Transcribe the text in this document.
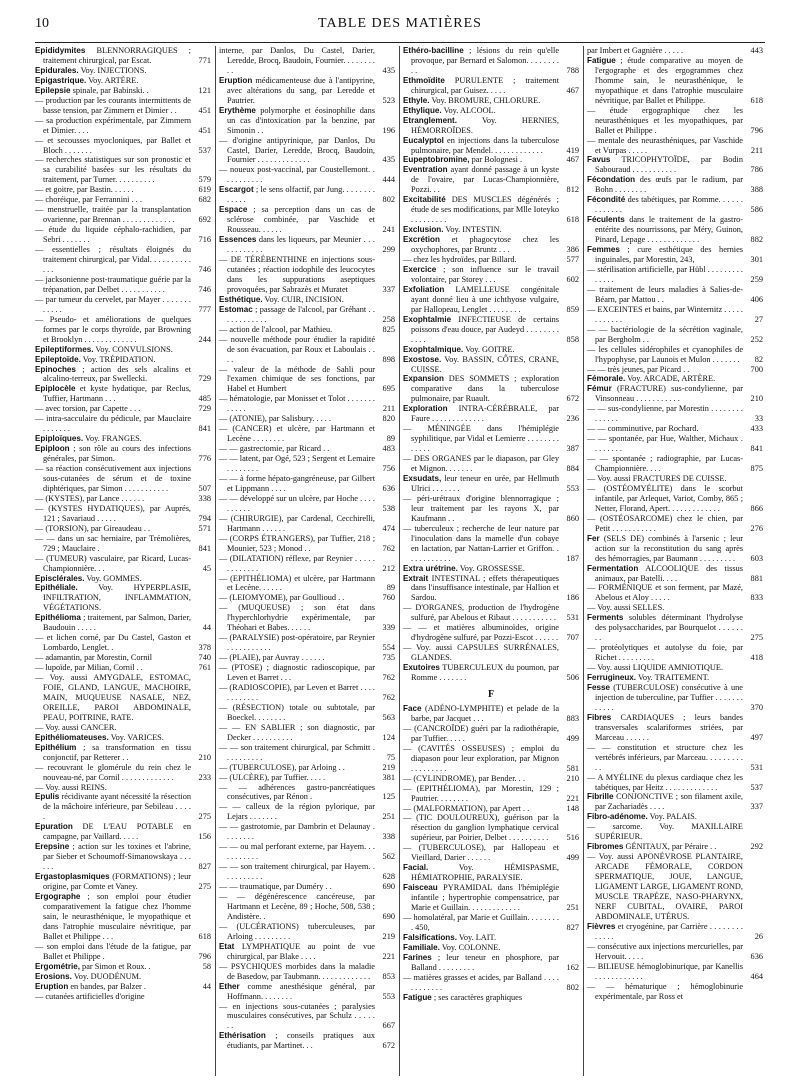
10	TABLE DES MATIÈRES

Epididymites BLENNORRAGIQUES ; traitement chirurgical, par Escat.	771

Epidurales. Voy. INJECTIONS.

Epigastrique. Voy. ARTÈRE.

Epilepsie spinale, par Babinski. .	121

— production par les courants intermittents de basse tension, par Zimmern et Dimier . .	451

— sa production expérimentale, par Zimmern et Dimier. . . .	451

— et secousses myocloniques, par Ballet et Bloch . . . . . . .	537

— recherches statistiques sur son pronostic et sa curabilité basées sur les résultats du traitement, par Turner. . . . . . . . . .	579

— et goitre, par Bastin. . . . . .	619

— choréique, par Ferrannini . . .	682

— menstruelle, traitée par la transplantation ovarienne, par Brennan . . . . . . . . . . . . .	692

— étude du liquide céphalo-rachidien, par Sebri . . . . . . .	716

— essentielles ; résultats éloignés du traitement chirurgical, par Vidal. . . . . . . . . . . . .	746

— jacksonienne post-traumatique guérie par la trépanation, par Delbet . . . . . . . . . . .	746

— par tumeur du cervelet, par Mayer . . . . . . . . . . . .	777

— Pseudo- et améliorations de quelques formes par le corps thyroïde, par Browning et Brooklyn . . . . . . . . . . . . .	244

Epileptiformes. Voy. CONVULSIONS.

Epileptoïde. Voy. TRÉPIDATION.

Epinoches ; action des sels alcalins et alcalino-terreux, par Swellecki.	729

Epiplocèle et kyste hydatique, par Reclus, Tuffier, Hartmann . . .	485

— avec torsion, par Capette . . .	729

— intra-sacculaire du pédicule, par Mauclaire . . . . . . .	841

Epiploïques. Voy. FRANGES.

Epiploon ; son rôle au cours des infections générales, par Simon.	776

— sa réaction consécutivement aux injections sous-cutanées de sérum et de toxine diphtériques, par Simon . . . . . . . . . . .	507

— (KYSTES), par Lance . . . . . .	338

— (KYSTES HYDATIQUES), par Auprés, 121 ; Savariaud . . . . .	794

— (TORSION), par Gireaudeau . .	571

— — dans un sac herniaire, par Trémolières, 729 ; Mauclaire .	841

— (TUMEUR) vasculaire, par Ricard, Lucas-Championnière. . .	45

Episclérales. Voy. GOMMES.

Epithéliale. Voy. HYPERPLASIE, INFILTRATION, INFLAMMATION, VÉGÉTATIONS.

Epithélioma ; traitement, par Salmon, Darier, Baudouin . . . . .	44

— et lichen corné, par Du Castel, Gaston et Lombardo, Lenglet. .	378

— adamantin, par Morestin, Cornil	740

— lupoïde, par Milian, Cornil . .	761

— Voy. aussi AMYGDALE, ESTOMAC, FOIE, GLAND, LANGUE, MACHOIRE, MAIN, MUQUEUSE NASALE, NEZ, OREILLE, PAROI ABDOMINALE, PEAU, POITRINE, RATE.

— Voy. aussi CANCER.

Epithéliomateuses. Voy. VARICES.

Epithélium ; sa transformation en tissu conjonctif, par Retterer . .	210

— recouvrant le glomérule du rein chez le nouveau-né, par Cornil . . . . . . . . . . . . .	233

— Voy. aussi REINS.

Epulis récidivante ayant nécessité la résection de la mâchoire inférieure, par Sebileau . . . . .	275

Epuration DE L'EAU POTABLE en campagne, par Vaillard. . . . .	156

Erepsine ; action sur les toxines et l'abrine, par Sieber et Schoumoff-Simanowskaya . . . . . .	827

Ergastoplasmiques (FORMATIONS) ; leur origine, par Comte et Vaney.	275

Ergographe ; son emploi pour étudier comparativement la fatigue chez l'homme sain, le neurasthénique, le myopathique et dans l'atrophie musculaire névritique, par Ballet et Philippe . . .	618

— son emploi dans l'étude de la fatigue, par Ballet et Philippe .	796

Ergométrie, par Simon et Roux. .	58

Erosions. Voy. DUODÉNUM.

Eruption en bandes, par Balzer .	44

— cutanées artificielles d'origine

interne, par Danlos, Du Castel, Darier, Leredde, Brocq, Baudoin, Fournier. . . . . . . . . .	435

Eruption médicamenteuse due à l'antipyrine, avec altérations du sang, par Leredde et Pautrier.	523

Erythème polymorphe et éosinophilie dans un cas d'intoxication par la benzine, par Simonin . .	196

— d'origine antipyrinique, par Danlos, Du Castel, Darier, Leredde, Brocq, Baudoin, Fournier . . . . . . . . . . . . .	435

— noueux post-vaccinal, par Coustellemont. . . . . . . . . . .	444

Escargot ; le sens olfactif, par Jung. . . . . . . . . . . . .	802

Espace ; sa perception dans un cas de sclérose combinée, par Vaschide et Rousseau. . . . . .	241

Essences dans les liqueurs, par Meunier . . . . . . . . . . . .	299

— DE TÉRÉBENTHINE en injections sous-cutanées ; réaction iodophile des leucocytes dans les suppurations aseptiques provoquées, par Sabrazès et Muratet	337

Esthétique. Voy. CUIR, INCISION.

Estomac ; passage de l'alcool, par Gréhant . . . . . . . . . . . .	258

— action de l'alcool, par Mathieu.	825

— nouvelle méthode pour étudier la rapidité de son évacuation, par Roux et Laboulais . . . .	898

— valeur de la méthode de Sahli pour l'examen chimique de ses fonctions, par Habel et Humbert	695

— hématologie, par Monisset et Tolot . . . . . . . . . . . .	211

— (ATONIE), par Salisbury. . . . .	820

— (CANCER) et ulcère, par Hartmann et Lecène . . . . . . . .	89

— — gastrectomie, par Ricard . .	483

— — latent, par Ogé, 523 ; Sergent et Lemaire . . . . . . . .	756

— — à forme hépato-gangréneuse, par Gilbert et Lippmann . . . .	636

— — développé sur un ulcère, par Hoche . . . . . . . . . .	538

— (CHIRURGIE), par Cardenal, Cecchirelli, Hartmann . . . . . .	474

— (CORPS ÉTRANGERS), par Tuffier, 218 ; Mounier, 523 ; Monod . .	762

— (DILATATION) réflexe, par Reynier . . . . . . . . . . . . .	212

— (EPITHÉLIOMA) et ulcère, par Hartmann et Lecène. . . . . .	89

— (LEIOMYOME), par Goullioud . .	760

— (MUQUEUSE) ; son état dans l'hyperchlorhydrie expérimentale, par Théohari et Babes. . . . . .	339

— (PARALYSIE) post-opératoire, par Reynier . . . . . . . . . . .	554

— (PLAIE), par Auvray . . . . . .	735

— (PTOSE) ; diagnostic radioscopique, par Leven et Barret . . .	762

— (RADIOSCOPIE), par Leven et Barret . . . . . . . . . . . .	762

— (RÉSECTION) totale ou subtotale, par Boeckel. . . . . . . .	563

— — EN SABLIER ; son diagnostic, par Decker . . . . . . . . . .	124

— — son traitement chirurgical, par Schmitt . . . . . . . . . .	75

— (TUBERCULOSE), par Arloing . .	219

— (ULCÈRE), par Tuffier. . . . .	381

— — adhérences gastro-pancréatiques consécutives, par Rénon .	125

— — calleux de la région pylorique, par Lejars . . . . . . .	251

— — gastrotomie, par Dambrin et Delaunay . . . . . . . .	338

— — ou mal perforant externe, par Hayem. . . . . . . . . . .	562

— — son traitement chirurgical, par Hayem. . . . . . . . . . .	628

— — traumatique, par Duméry . .	690

— — dégénérescence cancéreuse, par Hartmann et Lecène, 89 ; Hoche, 508, 538 ; Andistère. .	690

— (ULCÉRATIONS) tuberculeuses, par Arloing . . . . . . . . .	219

Etat LYMPHATIQUE au point de vue chirurgical, par Blake . . . .	221

— PSYCHIQUES morbides dans la maladie de Basedow, par Taubmann. . . . . . . . . . . . . 853

Ether comme anesthésique général, par Hoffmann. . . . . . . .	553

— en injections sous-cutanées ; paralysies musculaires consécutives, par Schulz . . . . . . .	667

Ethérisation ; conseils pratiques aux étudiants, par Martinet. . .	672

Ethéro-bacilline ; lésions du rein qu'elle provoque, par Bernard et Salomon. . . . . . . . . .	788

Ethmoïdite PURULENTE ; traitement chirurgical, par Guisez. . . . .	467

Ethyle. Voy. BROMURE, CHLORURE.

Ethylique. Voy. ALCOOL.

Etranglement. Voy. HERNIES, HÉMORROÏDES.

Eucalyptol en injections dans la tuberculose pulmonaire, par Mendel. . . . . . . . . . . . .	419

Eupeptobromine, par Bolognesi .	467

Eventration ayant donné passage à un kyste de l'ovaire, par Lucas-Championnière, Pozzi. . .	812

Excitabilité DES MUSCLES dégénérés ; étude de ses modifications, par Mlle Ioteyko . . . . . . . . .	618

Exclusion. Voy. INTESTIN.

Excrétion et phagocytose chez les oxychophores, par Bruntz . . .	386

— chez les hydroïdes, par Billard.	577

Exercice ; son influence sur le travail volontaire, par Storey . . .	602

Exfoliation LAMELLEUSE congénitale ayant donné lieu à une ichthyose vulgaire, par Hallopeau, Lenglet . . . . . . . .	859

Exophtalmie INFECTIEUSE de certains poissons d'eau douce, par Audeyd . . . . . . . . . . . .	858

Exophtalmique. Voy. GOITRE.

Exostose. Voy. BASSIN, CÔTES, CRANE, CUISSE.

Expansion DES SOMMETS ; exploration comparative dans la tuberculose pulmonaire, par Ruault.	672

Exploration INTRA-CÉRÉBRALE, par Faure . . . . . . . . . . . . .	236

— MÉNINGÉE dans l'hémiplégie syphilitique, par Vidal et Lemierre . . . . . . . . . . . . .	387

— DES ORGANES par le diapason, par Gley et Mignon. . . . . . .	884

Exsudats, leur teneur en urée, par Hellmuth Ulrici . . . . . . .	553

— péri-urétraux d'origine blennorragique ; leur traitement par les rayons X, par Kaufmann . .	860

— tuberculeux ; recherche de leur nature par l'inoculation dans la mamelle d'un cobaye en lactation, par Nattan-Larrier et Griffon. . . . . . . . . . . .	187

Extra urétrine. Voy. GROSSESSE.

Extrait INTESTINAL ; effets thérapeutiques dans l'insuffisance intestinale, par Hallion et Sardou.	186

— D'ORGANES, production de l'hydrogène sulfuré, par Abelous et Ribaut . . . . . . . . . . . 531

— — et matières albuminoïdes, origine d'hydrogène sulfuré, par Pozzi-Escot . . . . . . 707

— Voy. aussi CAPSULES SURRÉNALES, GLANDES.

Exutoires TUBERCULEUX du poumon, par Romme . . . . . . .	506

F

Face (ADÉNO-LYMPHITE) et pelade de la barbe, par Jacquet . . .	883

— (CANCROÏDE) guéri par la radiothérapie, par Tuffier. . . . .	499

— (CAVITÉS OSSEUSES) ; emploi du diapason pour leur exploration, par Mignon . . . . . . . . .	581

— (CYLINDROME), par Bender. . .	210

— (EPITHÉLIOMA), par Morestin, 129 ; Pautrier. . . . . . . .	221

— (MALFORMATION), par Apert . .	148

— (TIC DOULOUREUX), guérison par la résection du ganglion lymphatique cervical supérieur, par Poirier, Delbet . . . . . . . . . . 516

— (TUBERCULOSE), par Hallopeau et Vieillard, Darier . . . . . .	499

Facial. Voy. HÉMISPASME, HÉMIATROPHIE, PARALYSIE.

Faisceau PYRAMIDAL dans l'hémiplégie infantile ; hypertrophie compensatrice, par Marie et Guillain. . . . . . . . . . . . .	251

— homolatéral, par Marie et Guillain. . . . . . . . . 450,	827

Falsifications. Voy. LAIT.

Familiale. Voy. COLONNE.

Farines ; leur teneur en phosphore, par Balland . . . . . . . . .	162

— matières grasses et acides, par Balland . . . . . . . . . . . .	802

Fatigue ; ses caractères graphiques

par Imbert et Gagnière . . . . .	443

Fatigue ; étude comparative au moyen de l'ergographe et des ergogrammes chez l'homme sain, le neurasthénique, le myopathique et dans l'atrophie musculaire névritique, par Ballet et Philippe.	618

— étude ergographique chez les neurasthéniques et les myopathiques, par Ballet et Philippe .	796

— mentale des neurasthéniques, par Vaschide et Vurpas . . . . .	211

Favus TRICOPHYTOÏDE, par Bodin Sabouraud . . . . . . . . . . .	786

Fécondation des œufs par le radium, par Bohn . . . . . . . .	388

Fécondité des tabétiques, par Romme. . . . . . . . . . . . .	586

Féculents dans le traitement de la gastro-entérite des nourrissons, par Méry, Guinon, Pinard, Lepage . . . . . . . . . . . . .	882

Femmes ; cure esthétique des hernies inguinales, par Morestin, 243,	301

— stérilisation artificielle, par Hübl . . . . . . . . . . . . . .	259

— traitement de leurs maladies à Salies-de-Béarn, par Mattou . .	406

— EXCEINTES et bains, par Winternitz . . . . . . . . . . . .	27

— — bactériologie de la sécrétion vaginale, par Bergholm . .	252

— les cellules sidérophiles et cyanophiles de l'hypophyse, par Launois et Mulon . . . . . . . 82

— — très jeunes, par Picard . .	700

Fémorale. Voy. ARCADE, ARTÈRE.

Fémur (FRACTURE) sus-condylienne, par Vinsonneau . . . . . . . . . . .	210

— — sus-condylienne, par Morestin . . . . . . . . . . . . . .	33

— — comminutive, par Rochard.	433

— — spontanée, par Hue, Walther, Michaux . . . . . . . .	841

— — spontanée ; radiographie, par Lucas-Championnière. . . .	875

— Voy. aussi FRACTURES DE CUISSE.

— (OSTÉOMYÉLITE) dans le scorbut infantile, par Arlequet, Variot, Comby, 865 ; Netter, Florand, Apert. . . . . . . . . . . . .	866

— (OSTÉOSARCOME) chez le chien, par Petit . . . . . . . . . . .	276

Fer (SELS DE) combinés à l'arsenic ; leur action sur la reconstitution du sang après des hémorragies, par Baumann . . . . . . . . . 603

Fermentation ALCOOLIQUE des tissus animaux, par Batelli. . . .	881

— FORMÉNIQUE et son ferment, par Mazé, Abelous et Aloy . . . . .	833

— Voy. aussi SELLES.

Ferments solubles déterminant l'hydrolyse des polysaccharides, par Bourquelot . . . . . . . .	275

— protéolytiques et autolyse du foie, par Richet . . . . . . . . .	418

— Voy. aussi LIQUIDE AMNIOTIQUE.

Ferrugineux. Voy. TRAITEMENT.

Fesse (TUBERCULOSE) consécutive à une injection de tuberculine, par Tuffier . . . . . . . . . . . .	370

Fibres CARDIAQUES ; leurs bandes transversales scalariformes striées, par Marceau . . . . . .	497

— — constitution et structure chez les vertébrés inférieurs, par Marceau. . . . . . . . . . .	531

— A MYÉLINE du plexus cardiaque chez les tabétiques, par Heitz . . . . . . . . . . . . .	537

Fibrille CONJONCTIVE ; son filament axile, par Zachariadès . . . .	337

Fibro-adénome. Voy. PALAIS.

— sarcome. Voy. MAXILLAIRE SUPÉRIEUR.

Fibromes GÉNITAUX, par Péraire . .	292

— Voy. aussi APONÉVROSE PLANTAIRE, ARCADE FÉMORALE, CORDON SPERMATIQUE, JOUE, LANGUE, LIGAMENT LARGE, LIGAMENT ROND, MUSCLE TRAPÈZE, NASO-PHARYNX, NERF CUBITAL, OVAIRE, PAROI ABDOMINALE, UTÉRUS.

Fièvres et cryogénine, par Carrière . . . . . . . . . . . . .	26

— consécutive aux injections mercurielles, par Hervouit. . . . .	636

— BILIEUSE hémoglobinurique, par Kanellis . . . . . . . . . . . .	464

— — hématurique ; hémoglobinurie expérimentale, par Ross et
